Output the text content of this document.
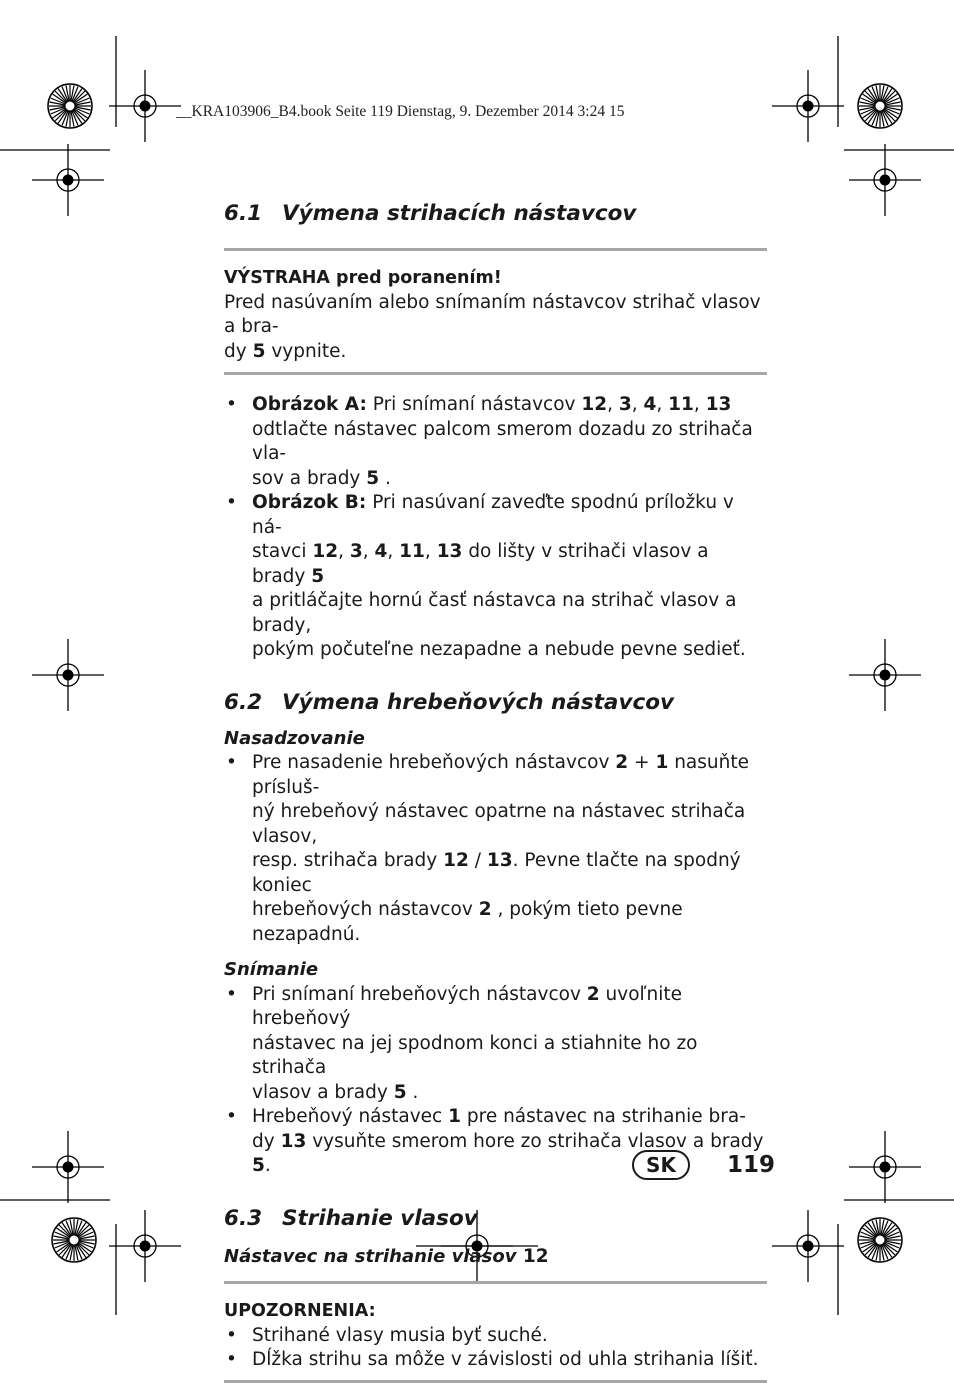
__KRA103906_B4.book Seite 119 Dienstag, 9. Dezember 2014 3:24 15
6.1 Výmena strihacích nástavcov
VÝSTRAHA pred poranením!

Pred nasúvaním alebo snímaním nástavcov strihač vlasov a bra-
dy 5 vypnite.

• Obrázok A: Pri snímaní nástavcov 12, 3, 4, 11, 13
odtlačte nástavec palcom smerom dozadu zo strihača vla-
sov a brady 5 .
• Obrázok B: Pri nasúvaní zaveďte spodnú príložku v ná-
stavci 12, 3, 4, 11, 13 do lišty v strihači vlasov a brady 5
a pritláčajte hornú časť nástavca na strihač vlasov a brady,
pokým počuteľne nezapadne a nebude pevne sedieť.
6.2 Výmena hrebeňových nástavcov
Nasadzovanie
• Pre nasadenie hrebeňových nástavcov 2 + 1 nasuňte prísluš-
ný hrebeňový nástavec opatrne na nástavec strihača vlasov,
resp. strihača brady 12 / 13. Pevne tlačte na spodný koniec
hrebeňových nástavcov 2 , pokým tieto pevne nezapadnú.
Snímanie
• Pri snímaní hrebeňových nástavcov 2 uvoľnite hrebeňový
nástavec na jej spodnom konci a stiahnite ho zo strihača
vlasov a brady 5 .
• Hrebeňový nástavec 1 pre nástavec na strihanie bra-
dy 13 vysuňte smerom hore zo strihača vlasov a brady 5.
6.3 Strihanie vlasov
Nástavec na strihanie vlasov 12
UPOZORNENIA:
• Strihané vlasy musia byť suché.
• Dĺžka strihu sa môže v závislosti od uhla strihania líšiť.
SK	119
